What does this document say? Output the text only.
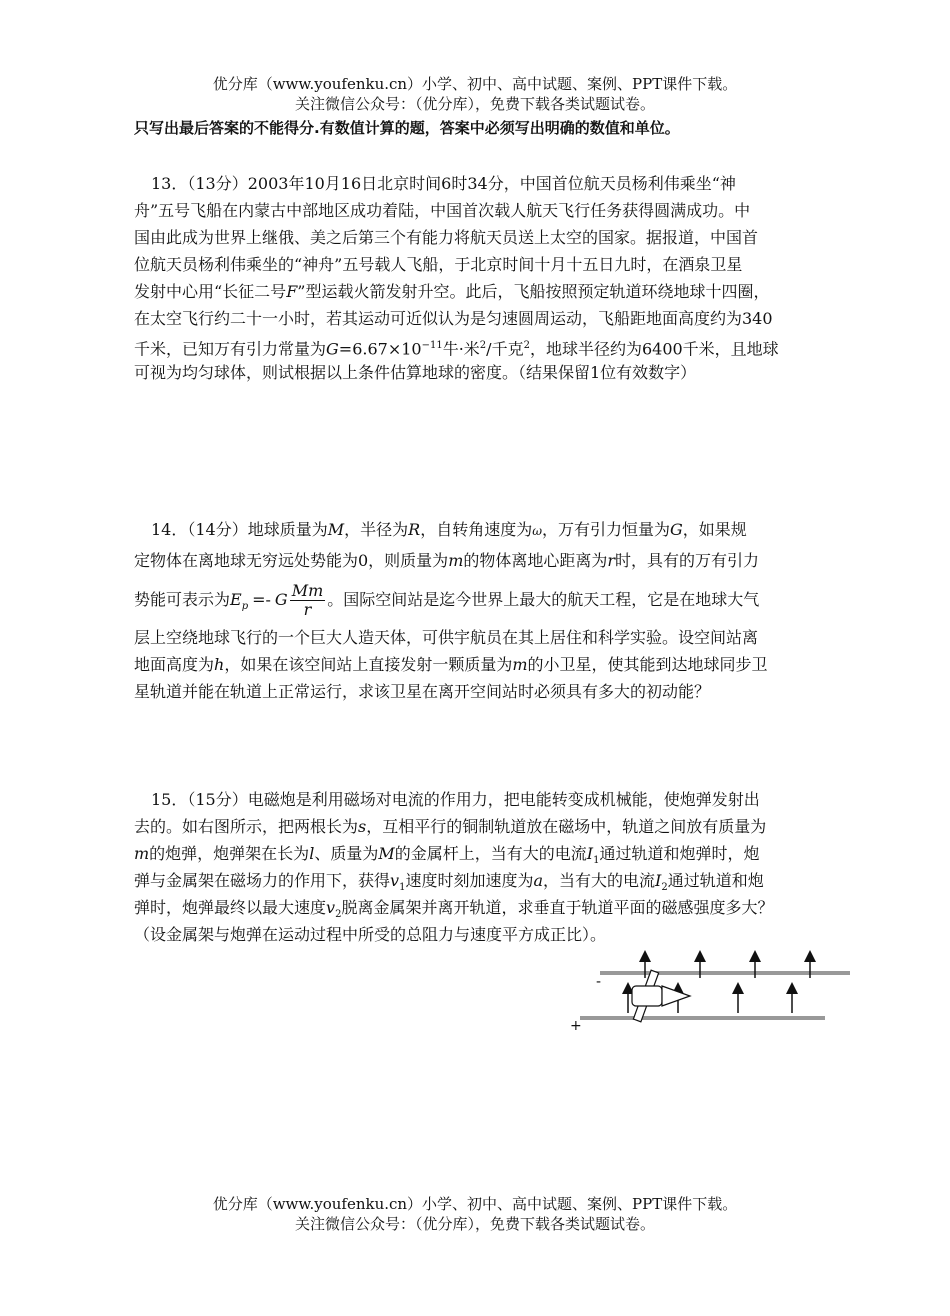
优分库（www.youfenku.cn）小学、初中、高中试题、案例、PPT课件下载。
关注微信公众号：（优分库），免费下载各类试题试卷。
只写出最后答案的不能得分.有数值计算的题，答案中必须写出明确的数值和单位。
13．（13分）2003年10月16日北京时间6时34分，中国首位航天员杨利伟乘坐“神
舟”五号飞船在内蒙古中部地区成功着陆，中国首次载人航天飞行任务获得圆满成功。中
国由此成为世界上继俄、美之后第三个有能力将航天员送上太空的国家。据报道，中国首
位航天员杨利伟乘坐的“神舟”五号载人飞船，于北京时间十月十五日九时，在酒泉卫星
发射中心用“长征二号F”型运载火箭发射升空。此后，飞船按照预定轨道环绕地球十四圈，
在太空飞行约二十一小时，若其运动可近似认为是匀速圆周运动，飞船距地面高度约为340
千米，已知万有引力常量为$G=6.67\times 10^{-11}$牛·米$^2$/千克$^2$，地球半径约为6400千米，且地球
可视为均匀球体，则试根据以上条件估算地球的密度。（结果保留1位有效数字）
14．（14分）地球质量为M，半径为R，自转角速度为ω，万有引力恒量为G，如果规
定物体在离地球无穷远处势能为0，则质量为m的物体离地心距离为r时，具有的万有引力
势能可表示为$E_p =- G \frac{Mm}{r}$ 。国际空间站是迄今世界上最大的航天工程，它是在地球大气
层上空绕地球飞行的一个巨大人造天体，可供宇航员在其上居住和科学实验。设空间站离
地面高度为h，如果在该空间站上直接发射一颗质量为m的小卫星，使其能到达地球同步卫
星轨道并能在轨道上正常运行，求该卫星在离开空间站时必须具有多大的初动能？
15．（15分）电磁炮是利用磁场对电流的作用力，把电能转变成机械能，使炮弹发射出
去的。如右图所示，把两根长为s，互相平行的铜制轨道放在磁场中，轨道之间放有质量为
m的炮弹，炮弹架在长为l、质量为M的金属杆上，当有大的电流$I_1$通过轨道和炮弹时，炮
弹与金属架在磁场力的作用下，获得$v_1$速度时刻加速度为a，当有大的电流$I_2$通过轨道和炮
弹时，炮弹最终以最大速度$v_2$脱离金属架并离开轨道，求垂直于轨道平面的磁感强度多大？
（设金属架与炮弹在运动过程中所受的总阻力与速度平方成正比）。
-
+
优分库（www.youfenku.cn）小学、初中、高中试题、案例、PPT课件下载。
关注微信公众号：（优分库），免费下载各类试题试卷。
